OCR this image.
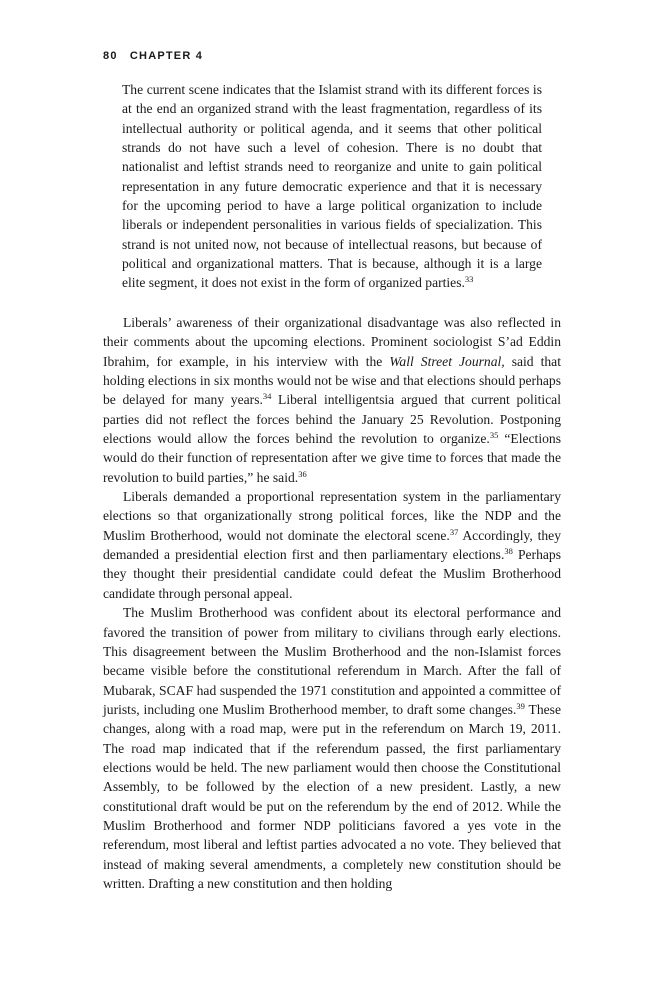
80 CHAPTER 4

The current scene indicates that the Islamist strand with its different forces is at the end an organized strand with the least fragmentation, regardless of its intellectual authority or political agenda, and it seems that other political strands do not have such a level of cohesion. There is no doubt that nationalist and leftist strands need to reorganize and unite to gain political representation in any future democratic experience and that it is necessary for the upcoming period to have a large political organization to include liberals or independent personalities in various fields of specialization. This strand is not united now, not because of intellectual reasons, but because of political and organizational matters. That is because, although it is a large elite segment, it does not exist in the form of organized parties.$^{33}$

Liberals’ awareness of their organizational disadvantage was also reflected in their comments about the upcoming elections. Prominent sociologist S’ad Eddin Ibrahim, for example, in his interview with the Wall Street Journal, said that holding elections in six months would not be wise and that elections should perhaps be delayed for many years.$^{34}$ Liberal intelligentsia argued that current political parties did not reflect the forces behind the January 25 Revolution. Postponing elections would allow the forces behind the revolution to organize.$^{35}$ “Elections would do their function of representation after we give time to forces that made the revolution to build parties,” he said.$^{36}$

Liberals demanded a proportional representation system in the parliamentary elections so that organizationally strong political forces, like the NDP and the Muslim Brotherhood, would not dominate the electoral scene.$^{37}$ Accordingly, they demanded a presidential election first and then parliamentary elections.$^{38}$ Perhaps they thought their presidential candidate could defeat the Muslim Brotherhood candidate through personal appeal.

The Muslim Brotherhood was confident about its electoral performance and favored the transition of power from military to civilians through early elections. This disagreement between the Muslim Brotherhood and the non-Islamist forces became visible before the constitutional referendum in March. After the fall of Mubarak, SCAF had suspended the 1971 constitution and appointed a committee of jurists, including one Muslim Brotherhood member, to draft some changes.$^{39}$ These changes, along with a road map, were put in the referendum on March 19, 2011. The road map indicated that if the referendum passed, the first parliamentary elections would be held. The new parliament would then choose the Constitutional Assembly, to be followed by the election of a new president. Lastly, a new constitutional draft would be put on the referendum by the end of 2012. While the Muslim Brotherhood and former NDP politicians favored a yes vote in the referendum, most liberal and leftist parties advocated a no vote. They believed that instead of making several amendments, a completely new constitution should be written. Drafting a new constitution and then holding
